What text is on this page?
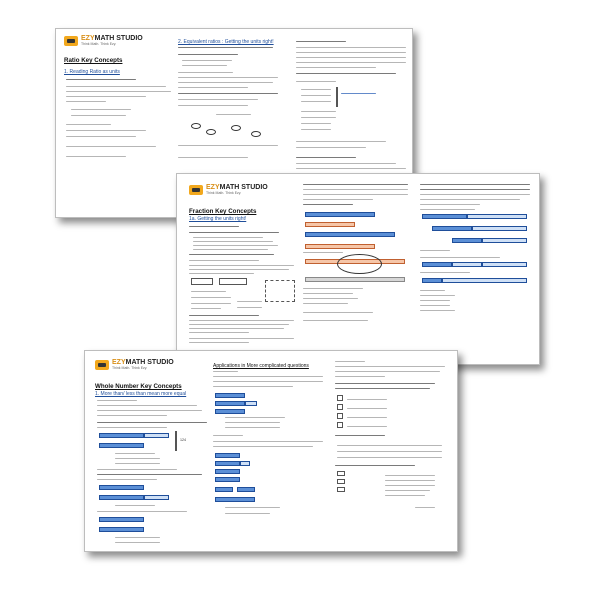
EZYMATH STUDIO
Think Math. Think Ezy.
Ratio Key Concepts
1. Reading Ratio as units
2. Equivalent ratios : Getting the units right!
EZYMATH STUDIO
Think Math. Think Ezy.
Fraction Key Concepts
1a. Getting the units right!
EZYMATH STUDIO
Think Math. Think Ezy.
Whole Number Key Concepts
1. More than/ less than mean more equal
124
Applications in More complicated questions
